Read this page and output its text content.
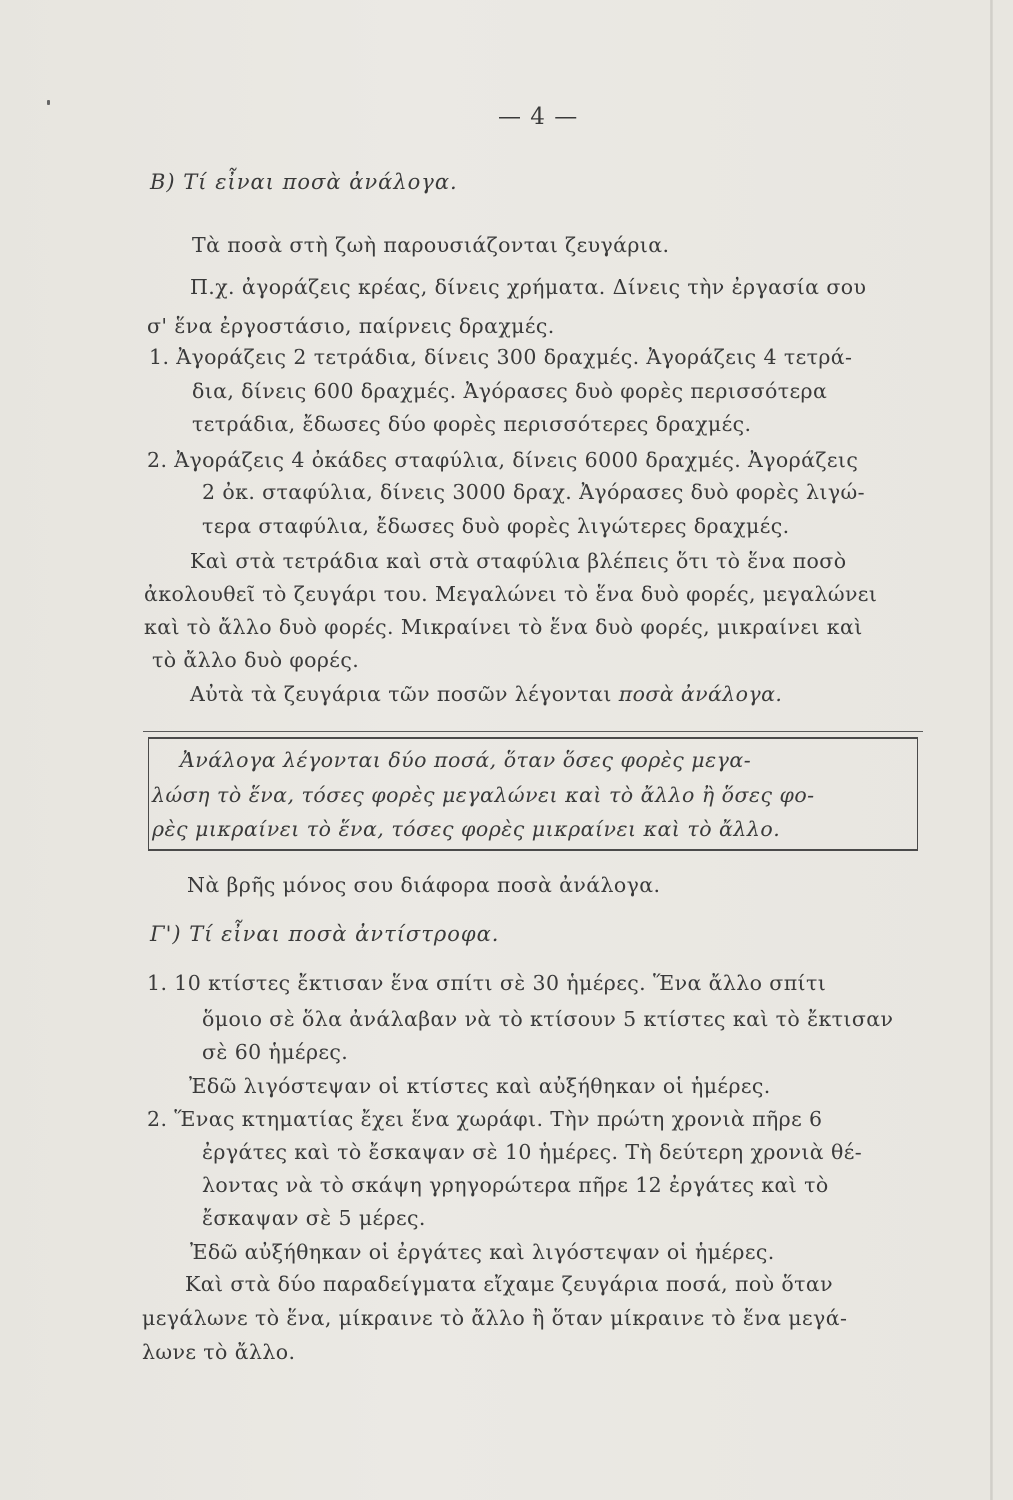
— 4 —
B) Τί εἶναι ποσὰ ἀνάλογα.
Τὰ ποσὰ στὴ ζωὴ παρουσιάζονται ζευγάρια.
Π.χ. ἀγοράζεις κρέας, δίνεις χρήματα. Δίνεις τὴν ἐργασία σου
σ' ἕνα ἐργοστάσιο, παίρνεις δραχμές.
1. Ἀγοράζεις 2 τετράδια, δίνεις 300 δραχμές. Ἀγοράζεις 4 τετρά-
δια, δίνεις 600 δραχμές. Ἀγόρασες δυὸ φορὲς περισσότερα
τετράδια, ἔδωσες δύο φορὲς περισσότερες δραχμές.
2. Ἀγοράζεις 4 ὀκάδες σταφύλια, δίνεις 6000 δραχμές. Ἀγοράζεις
2 ὀκ. σταφύλια, δίνεις 3000 δραχ. Ἀγόρασες δυὸ φορὲς λιγώ-
τερα σταφύλια, ἔδωσες δυὸ φορὲς λιγώτερες δραχμές.
Καὶ στὰ τετράδια καὶ στὰ σταφύλια βλέπεις ὅτι τὸ ἕνα ποσὸ
ἀκολουθεῖ τὸ ζευγάρι του. Μεγαλώνει τὸ ἕνα δυὸ φορές, μεγαλώνει
καὶ τὸ ἄλλο δυὸ φορές. Μικραίνει τὸ ἕνα δυὸ φορές, μικραίνει καὶ
τὸ ἄλλο δυὸ φορές.
Αὐτὰ τὰ ζευγάρια τῶν ποσῶν λέγονται ποσὰ ἀνάλογα.
Ἀνάλογα λέγονται δύο ποσά, ὅταν ὅσες φορὲς μεγα-
λώση τὸ ἕνα, τόσες φορὲς μεγαλώνει καὶ τὸ ἄλλο ἢ ὅσες φο-
ρὲς μικραίνει τὸ ἕνα, τόσες φορὲς μικραίνει καὶ τὸ ἄλλο.
Νὰ βρῆς μόνος σου διάφορα ποσὰ ἀνάλογα.
Γ') Τί εἶναι ποσὰ ἀντίστροφα.
1. 10 κτίστες ἔκτισαν ἕνα σπίτι σὲ 30 ἡμέρες. Ἕνα ἄλλο σπίτι
ὅμοιο σὲ ὅλα ἀνάλαβαν νὰ τὸ κτίσουν 5 κτίστες καὶ τὸ ἔκτισαν
σὲ 60 ἡμέρες.
Ἐδῶ λιγόστεψαν οἱ κτίστες καὶ αὐξήθηκαν οἱ ἡμέρες.
2. Ἕνας κτηματίας ἔχει ἕνα χωράφι. Τὴν πρώτη χρονιὰ πῆρε 6
ἐργάτες καὶ τὸ ἔσκαψαν σὲ 10 ἡμέρες. Τὴ δεύτερη χρονιὰ θέ-
λοντας νὰ τὸ σκάψη γρηγορώτερα πῆρε 12 ἐργάτες καὶ τὸ
ἔσκαψαν σὲ 5 μέρες.
Ἐδῶ αὐξήθηκαν οἱ ἐργάτες καὶ λιγόστεψαν οἱ ἡμέρες.
Καὶ στὰ δύο παραδείγματα εἴχαμε ζευγάρια ποσά, ποὺ ὅταν
μεγάλωνε τὸ ἕνα, μίκραινε τὸ ἄλλο ἢ ὅταν μίκραινε τὸ ἕνα μεγά-
λωνε τὸ ἄλλο.
